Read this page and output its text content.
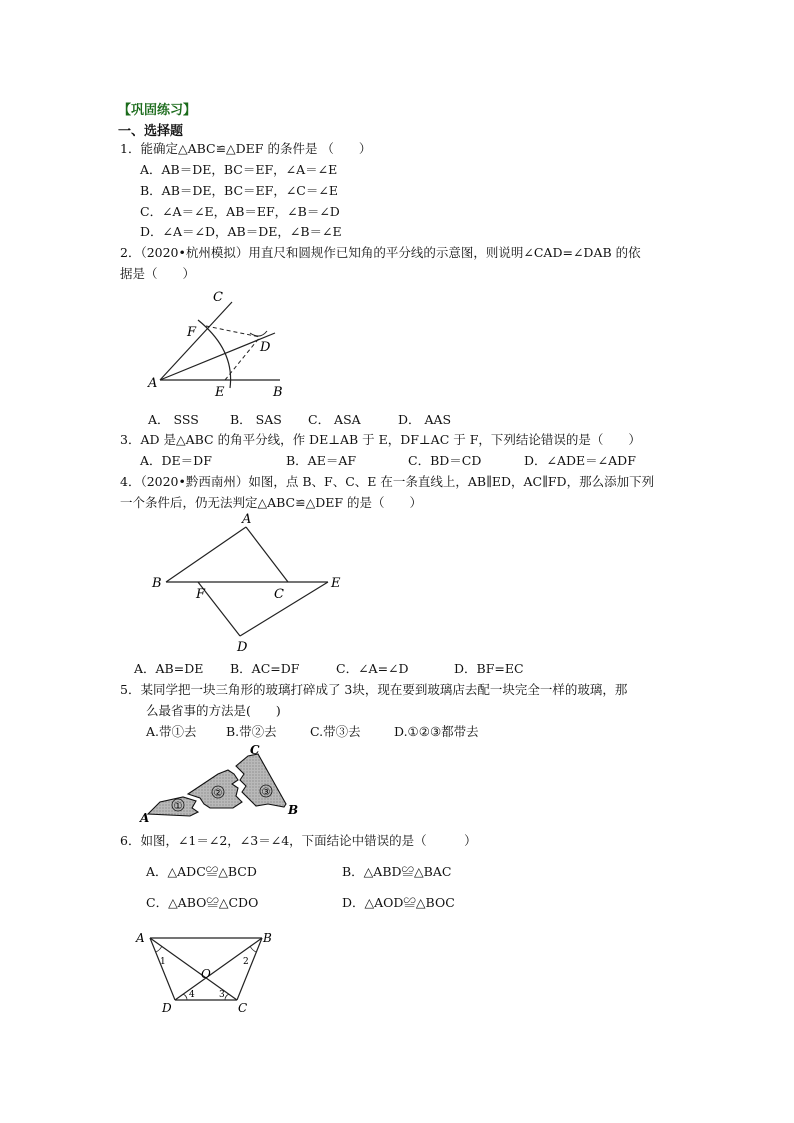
【巩固练习】
一、选择题
1．能确定△ABC≌△DEF 的条件是 （　　）
A．AB＝DE，BC＝EF，∠A＝∠E
B．AB＝DE，BC＝EF，∠C＝∠E
C．∠A＝∠E，AB＝EF，∠B＝∠D
D．∠A＝∠D，AB＝DE，∠B＝∠E
2．（2020•杭州模拟）用直尺和圆规作已知角的平分线的示意图，则说明∠CAD=∠DAB 的依
据是（　　）
A
B
C
D
E
F
A． SSS B． SAS C． ASA	D． AAS
3．AD 是△ABC 的角平分线，作 DE⊥AB 于 E，DF⊥AC 于 F，下列结论错误的是（　　）
A．DE＝DF	B．AE＝AF	C．BD＝CD	D．∠ADE＝∠ADF
4．（2020•黔西南州）如图，点 B、F、C、E 在一条直线上，AB∥ED，AC∥FD，那么添加下列
一个条件后，仍无法判定△ABC≌△DEF 的是（　　）
A
B
C
D
E
F
A．AB=DE B．AC=DF	C．∠A=∠D	D．BF=EC
5．某同学把一块三角形的玻璃打碎成了 3块，现在要到玻璃店去配一块完全一样的玻璃，那
么最省事的方法是(　　)
A.带①去 B.带②去	C.带③去	D.①②③都带去
①
②	③
A
B
C
6．如图，∠1＝∠2，∠3＝∠4，下面结论中错误的是（　　　）
A．△ADC≌△BCD	B．△ABD≌△BAC
C．△ABO≌△CDO	D．△AOD≌△BOC
A	B
C
D
O
1	2
3
4
